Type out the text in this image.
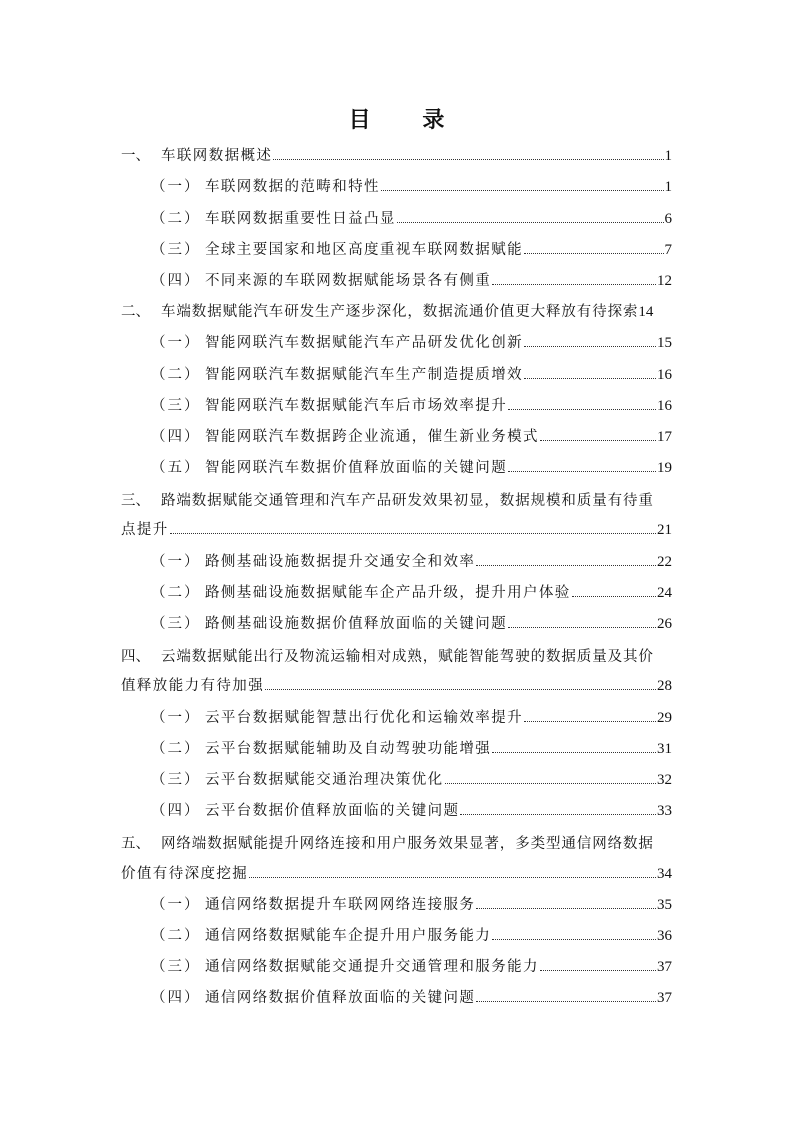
目 录
一、 车联网数据概述	1
（一） 车联网数据的范畴和特性	1
（二） 车联网数据重要性日益凸显	6
（三） 全球主要国家和地区高度重视车联网数据赋能	7
（四） 不同来源的车联网数据赋能场景各有侧重	12
二、 车端数据赋能汽车研发生产逐步深化，数据流通价值更大释放有待探索 14
（一） 智能网联汽车数据赋能汽车产品研发优化创新	15
（二） 智能网联汽车数据赋能汽车生产制造提质增效	16
（三） 智能网联汽车数据赋能汽车后市场效率提升	16
（四） 智能网联汽车数据跨企业流通，催生新业务模式	17
（五） 智能网联汽车数据价值释放面临的关键问题	19
三、 路端数据赋能交通管理和汽车产品研发效果初显，数据规模和质量有待重
点提升	21
（一） 路侧基础设施数据提升交通安全和效率	22
（二） 路侧基础设施数据赋能车企产品升级，提升用户体验	24
（三） 路侧基础设施数据价值释放面临的关键问题	26
四、 云端数据赋能出行及物流运输相对成熟，赋能智能驾驶的数据质量及其价
值释放能力有待加强	28
（一） 云平台数据赋能智慧出行优化和运输效率提升	29
（二） 云平台数据赋能辅助及自动驾驶功能增强	31
（三） 云平台数据赋能交通治理决策优化	32
（四） 云平台数据价值释放面临的关键问题	33
五、 网络端数据赋能提升网络连接和用户服务效果显著，多类型通信网络数据
价值有待深度挖掘	34
（一） 通信网络数据提升车联网网络连接服务	35
（二） 通信网络数据赋能车企提升用户服务能力	36
（三） 通信网络数据赋能交通提升交通管理和服务能力	37
（四） 通信网络数据价值释放面临的关键问题	37
